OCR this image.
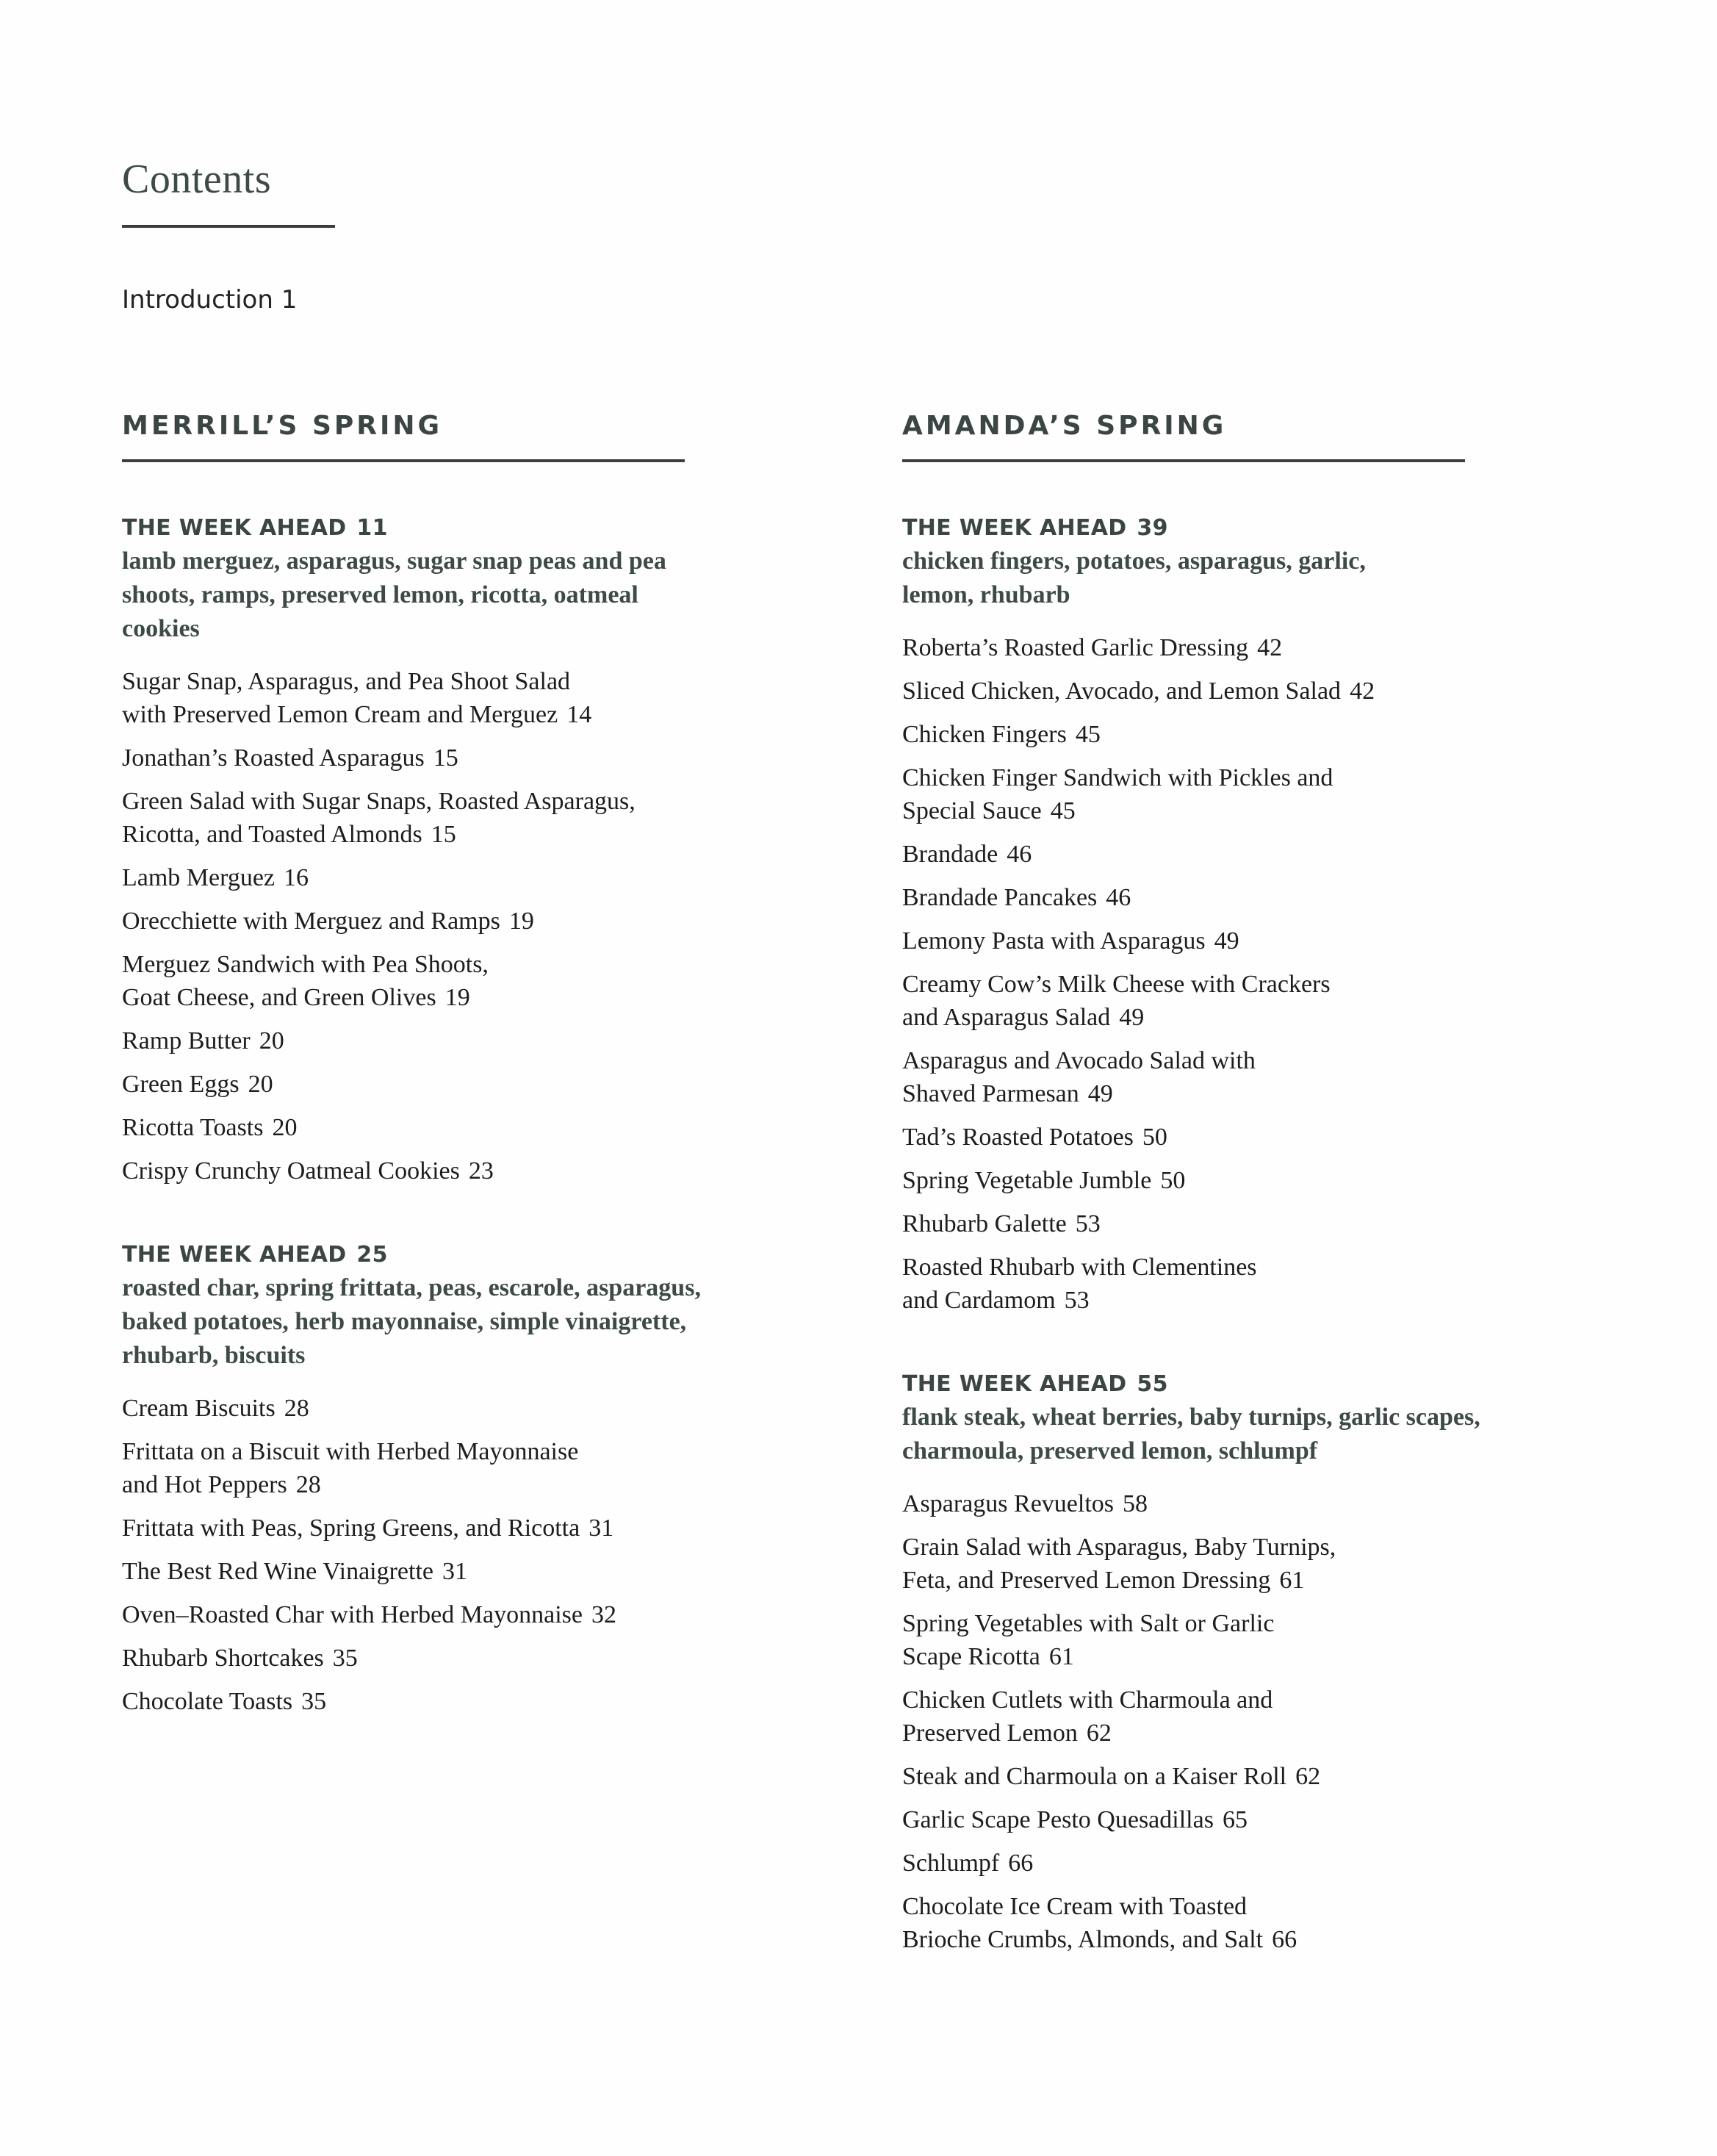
Contents
Introduction 1
MERRILL’S SPRING
THE WEEK AHEAD 11
lamb merguez, asparagus, sugar snap peas and pea
shoots, ramps, preserved lemon, ricotta, oatmeal
cookies
Sugar Snap, Asparagus, and Pea Shoot Salad
with Preserved Lemon Cream and Merguez 14
Jonathan’s Roasted Asparagus 15
Green Salad with Sugar Snaps, Roasted Asparagus,
Ricotta, and Toasted Almonds 15
Lamb Merguez 16
Orecchiette with Merguez and Ramps 19
Merguez Sandwich with Pea Shoots,
Goat Cheese, and Green Olives 19
Ramp Butter 20
Green Eggs 20
Ricotta Toasts 20
Crispy Crunchy Oatmeal Cookies 23
THE WEEK AHEAD 25
roasted char, spring frittata, peas, escarole, asparagus,
baked potatoes, herb mayonnaise, simple vinaigrette,
rhubarb, biscuits
Cream Biscuits 28
Frittata on a Biscuit with Herbed Mayonnaise
and Hot Peppers 28
Frittata with Peas, Spring Greens, and Ricotta 31
The Best Red Wine Vinaigrette 31
Oven–Roasted Char with Herbed Mayonnaise 32
Rhubarb Shortcakes 35
Chocolate Toasts 35
AMANDA’S SPRING
THE WEEK AHEAD 39
chicken fingers, potatoes, asparagus, garlic,
lemon, rhubarb
Roberta’s Roasted Garlic Dressing 42
Sliced Chicken, Avocado, and Lemon Salad 42
Chicken Fingers 45
Chicken Finger Sandwich with Pickles and
Special Sauce 45
Brandade 46
Brandade Pancakes 46
Lemony Pasta with Asparagus 49
Creamy Cow’s Milk Cheese with Crackers
and Asparagus Salad 49
Asparagus and Avocado Salad with
Shaved Parmesan 49
Tad’s Roasted Potatoes 50
Spring Vegetable Jumble 50
Rhubarb Galette 53
Roasted Rhubarb with Clementines
and Cardamom 53
THE WEEK AHEAD 55
flank steak, wheat berries, baby turnips, garlic scapes,
charmoula, preserved lemon, schlumpf
Asparagus Revueltos 58
Grain Salad with Asparagus, Baby Turnips,
Feta, and Preserved Lemon Dressing 61
Spring Vegetables with Salt or Garlic
Scape Ricotta 61
Chicken Cutlets with Charmoula and
Preserved Lemon 62
Steak and Charmoula on a Kaiser Roll 62
Garlic Scape Pesto Quesadillas 65
Schlumpf 66
Chocolate Ice Cream with Toasted
Brioche Crumbs, Almonds, and Salt 66
